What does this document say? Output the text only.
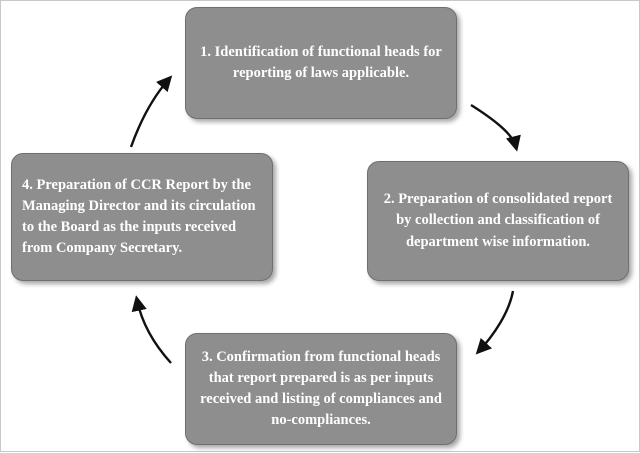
1. Identification of functional heads for reporting of laws applicable.
2. Preparation of consolidated report by collection and classification of department wise information.
3. Confirmation from functional heads that report prepared is as per inputs received and listing of compliances and no-compliances.
4. Preparation of CCR Report by the Managing Director and its circulation to the Board as the inputs received from Company Secretary.
